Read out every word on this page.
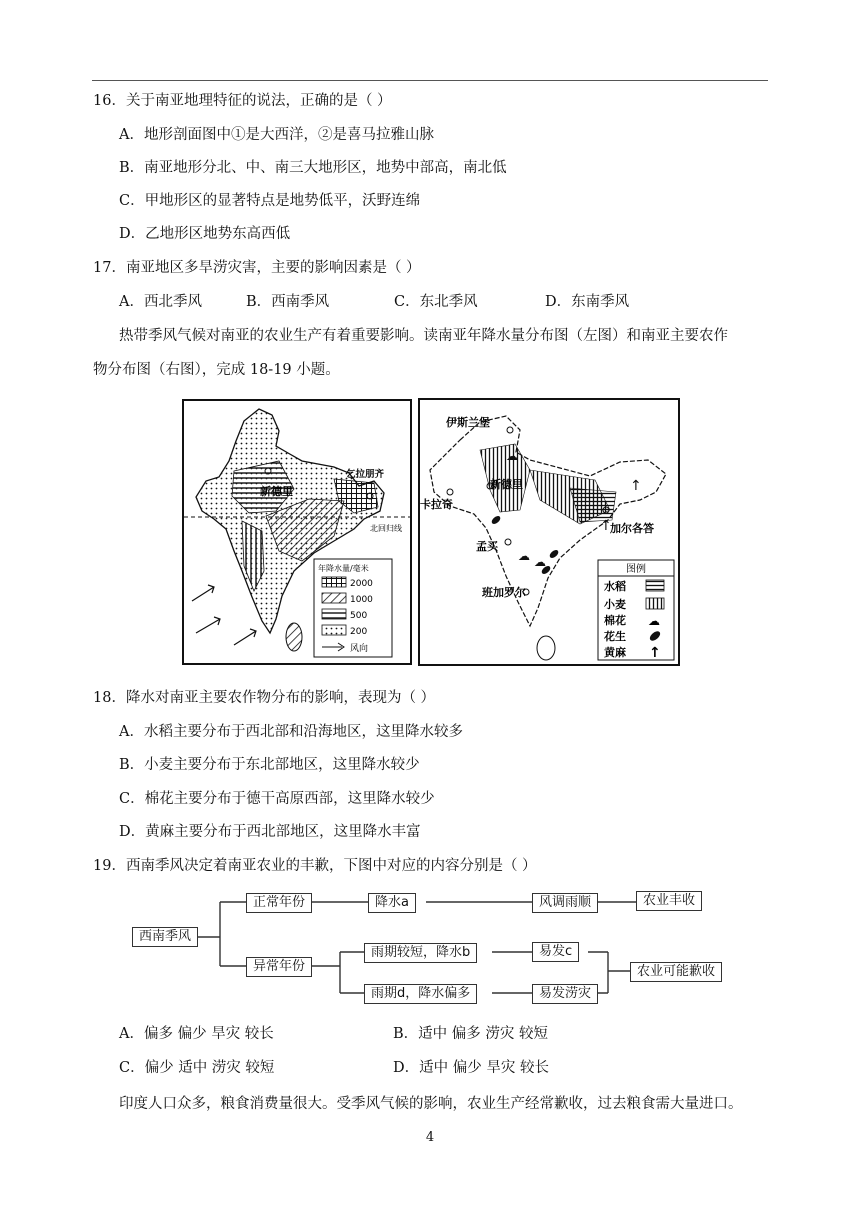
16．关于南亚地理特征的说法，正确的是（ ）
A．地形剖面图中①是大西洋，②是喜马拉雅山脉
B．南亚地形分北、中、南三大地形区，地势中部高，南北低
C．甲地形区的显著特点是地势低平，沃野连绵
D．乙地形区地势东高西低
17．南亚地区多旱涝灾害，主要的影响因素是（ ）
A．西北季风	B．西南季风	C．东北季风	D．东南季风
热带季风气候对南亚的农业生产有着重要影响。读南亚年降水量分布图（左图）和南亚主要农作
物分布图（右图），完成 18-19 小题。
北回归线
新德里
乞拉朋齐
年降水量/毫米
2000
1000
500
200
风向
伊斯兰堡
卡拉奇
新德里
孟买
加尔各答
班加罗尔
↑
↑
☁
☁ ☁
图例
水稻
小麦
棉花 ☁
花生
黄麻 ↑
18．降水对南亚主要农作物分布的影响，表现为（ ）
A．水稻主要分布于西北部和沿海地区，这里降水较多
B．小麦主要分布于东北部地区，这里降水较少
C．棉花主要分布于德干高原西部，这里降水较少
D．黄麻主要分布于西北部地区，这里降水丰富
19．西南季风决定着南亚农业的丰歉，下图中对应的内容分别是（ ）
西南季风
正常年份
异常年份
降水a	风调雨顺	农业丰收
雨期较短，降水b	易发c
雨期d，降水偏多	易发涝灾
农业可能歉收
A．偏多 偏少 旱灾 较长	B．适中 偏多 涝灾 较短
C．偏少 适中 涝灾 较短	D．适中 偏少 旱灾 较长
印度人口众多，粮食消费量很大。受季风气候的影响，农业生产经常歉收，过去粮食需大量进口。
4
